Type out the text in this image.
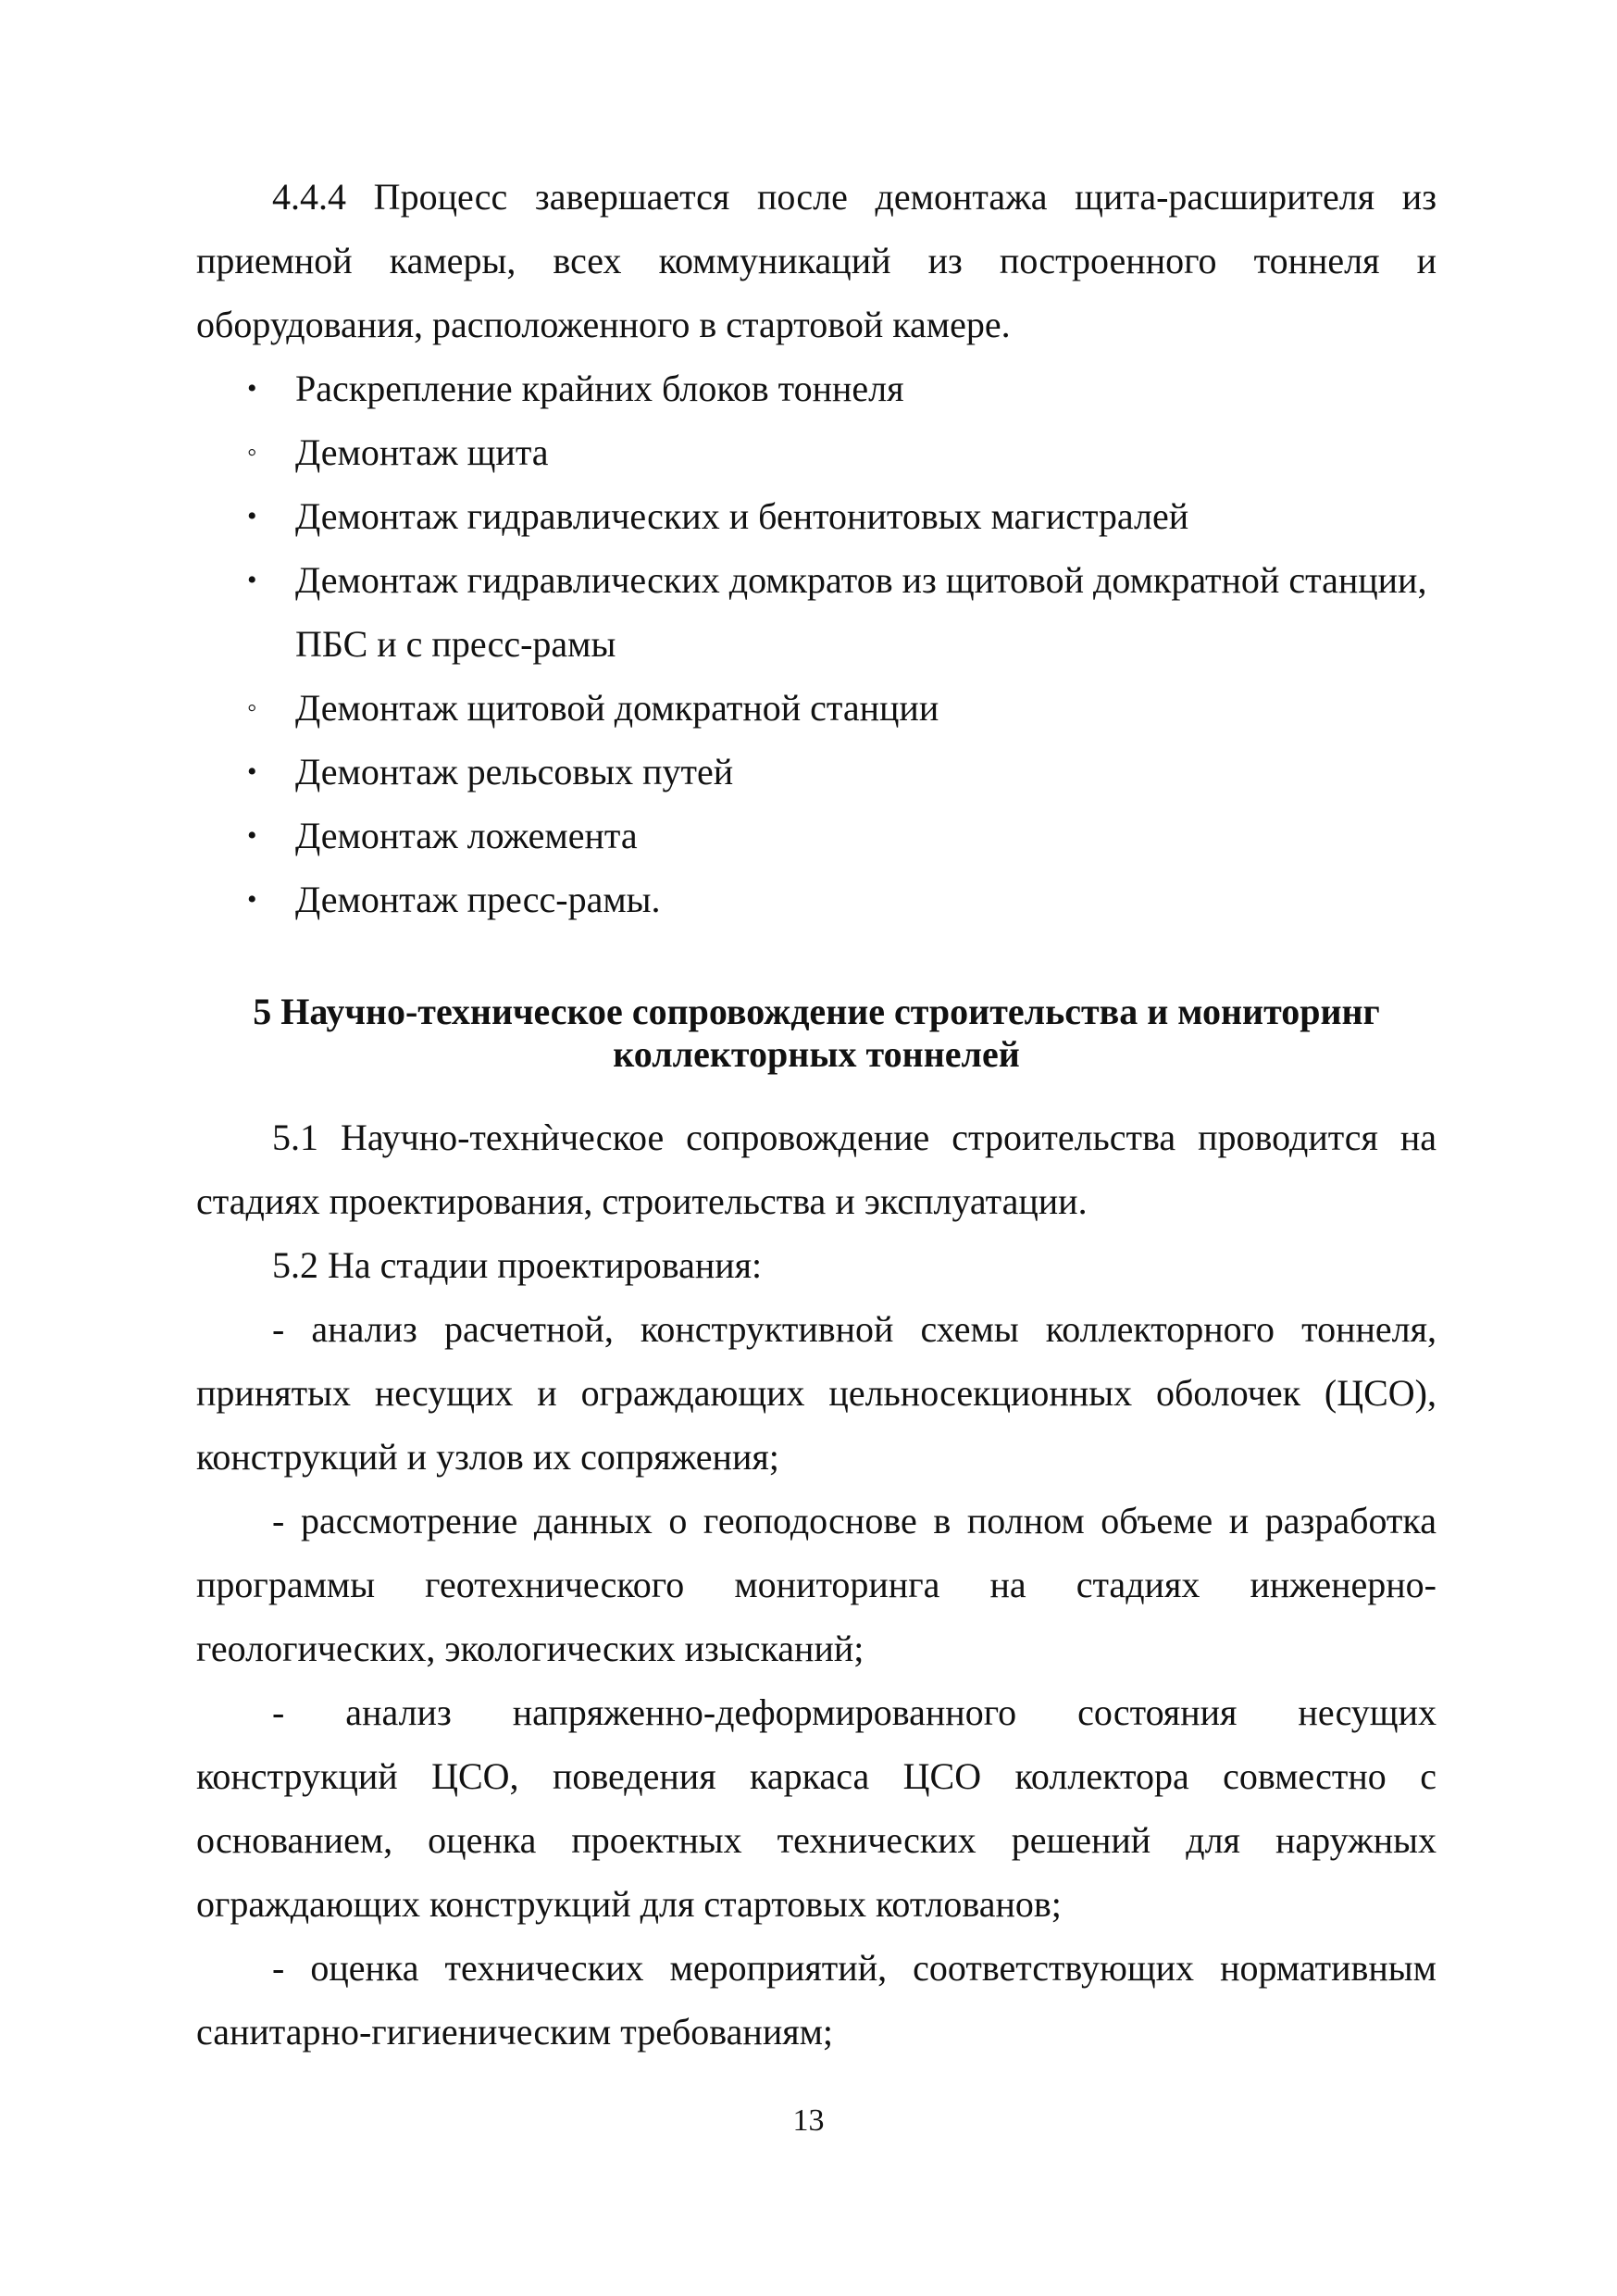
4.4.4 Процесс завершается после демонтажа щита-расширителя из приемной камеры, всех коммуникаций из построенного тоннеля и оборудования, расположенного в стартовой камере.

•	Раскрепление крайних блоков тоннеля
◦	Демонтаж щита
•	Демонтаж гидравлических и бентонитовых магистралей
•	Демонтаж гидравлических домкратов из щитовой домкратной станции, ПБС и с пресс-рамы
◦	Демонтаж щитовой домкратной станции
•	Демонтаж рельсовых путей
•	Демонтаж ложемента
•	Демонтаж пресс-рамы.
5 Научно-техническое сопровождение строительства и мониторинг
коллекторных тоннелей

5.1 Научно-технѝческое сопровождение строительства проводится на стадиях проектирования, строительства и эксплуатации.

5.2 На стадии проектирования:

- анализ расчетной, конструктивной схемы коллекторного тоннеля, принятых несущих и ограждающих цельносекционных оболочек (ЦСО), конструкций и узлов их сопряжения;

- рассмотрение данных о геоподоснове в полном объеме и разработка программы геотехнического мониторинга на стадиях инженерно-геологических, экологических изысканий;

- анализ напряженно-деформированного состояния несущих конструкций ЦСО, поведения каркаса ЦСО коллектора совместно с основанием, оценка проектных технических решений для наружных ограждающих конструкций для стартовых котлованов;

- оценка технических мероприятий, соответствующих нормативным санитарно-гигиеническим требованиям;

13
